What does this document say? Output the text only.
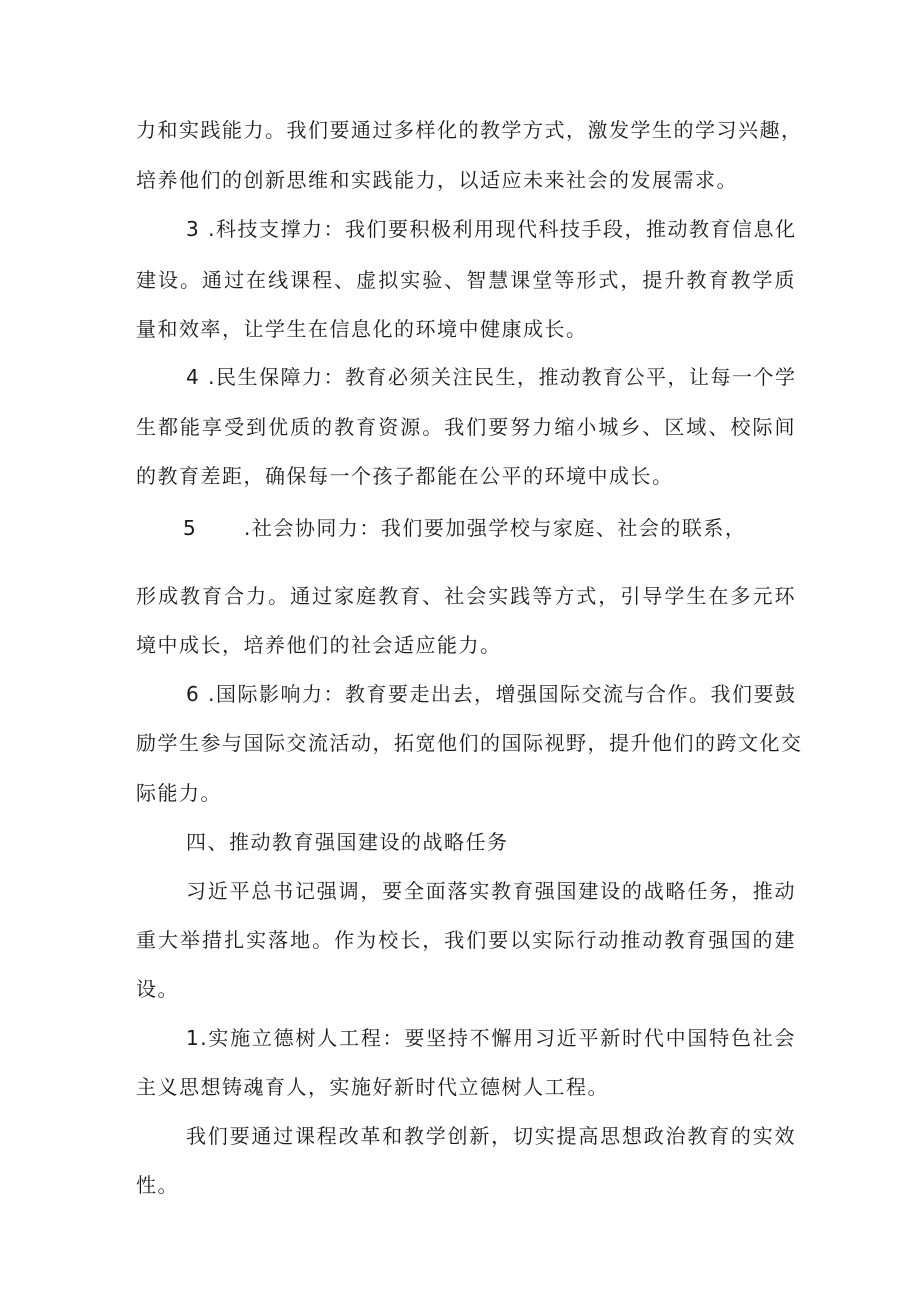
力和实践能力。我们要通过多样化的教学方式，激发学生的学习兴趣，
培养他们的创新思维和实践能力，以适应未来社会的发展需求。
3 .科技支撑力：我们要积极利用现代科技手段，推动教育信息化
建设。通过在线课程、虚拟实验、智慧课堂等形式，提升教育教学质
量和效率，让学生在信息化的环境中健康成长。
4 .民生保障力：教育必须关注民生，推动教育公平，让每一个学
生都能享受到优质的教育资源。我们要努力缩小城乡、区域、校际间
的教育差距，确保每一个孩子都能在公平的环境中成长。
5 .社会协同力：我们要加强学校与家庭、社会的联系，
形成教育合力。通过家庭教育、社会实践等方式，引导学生在多元环
境中成长，培养他们的社会适应能力。
6 .国际影响力：教育要走出去，增强国际交流与合作。我们要鼓
励学生参与国际交流活动，拓宽他们的国际视野，提升他们的跨文化交
际能力。
四、推动教育强国建设的战略任务
习近平总书记强调，要全面落实教育强国建设的战略任务，推动
重大举措扎实落地。作为校长，我们要以实际行动推动教育强国的建
设。
1.实施立德树人工程：要坚持不懈用习近平新时代中国特色社会
主义思想铸魂育人，实施好新时代立德树人工程。
我们要通过课程改革和教学创新，切实提高思想政治教育的实效
性。
